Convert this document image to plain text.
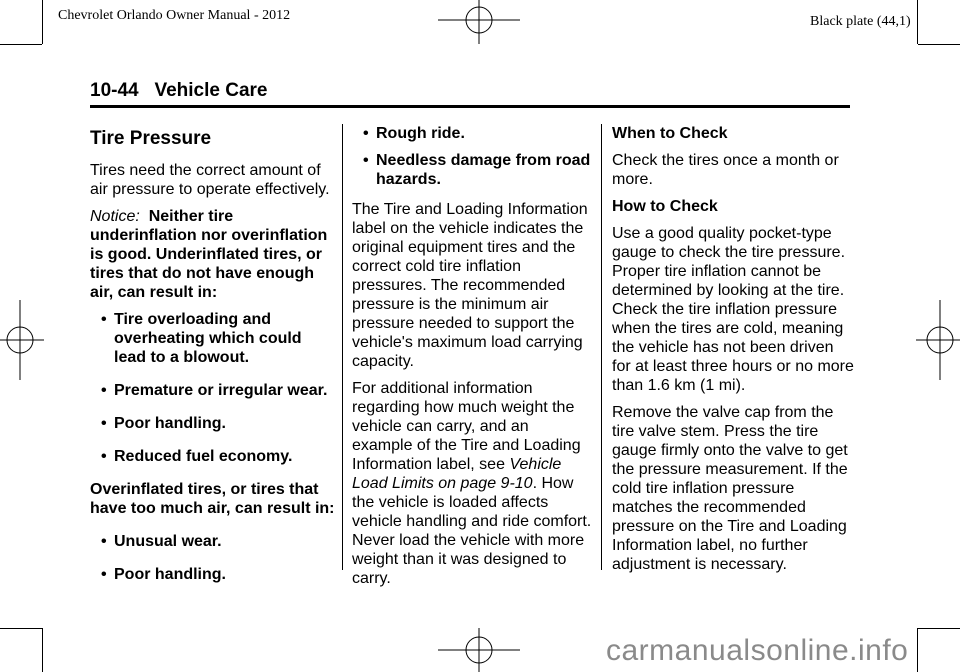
Chevrolet Orlando Owner Manual - 2012	Black plate (44,1)
10-44 Vehicle Care
Tire Pressure

Tires need the correct amount of air pressure to operate effectively.

Notice: Neither tire underinflation nor overinflation is good. Underinflated tires, or tires that do not have enough air, can result in:

• Tire overloading and overheating which could lead to a blowout.
• Premature or irregular wear.
• Poor handling.
• Reduced fuel economy.

Overinflated tires, or tires that have too much air, can result in:

• Unusual wear.
• Poor handling.
• Rough ride.
• Needless damage from road hazards.

The Tire and Loading Information label on the vehicle indicates the original equipment tires and the correct cold tire inflation pressures. The recommended pressure is the minimum air pressure needed to support the vehicle's maximum load carrying capacity.

For additional information regarding how much weight the vehicle can carry, and an example of the Tire and Loading Information label, see Vehicle Load Limits on page 9-10. How the vehicle is loaded affects vehicle handling and ride comfort. Never load the vehicle with more weight than it was designed to carry.

When to Check

Check the tires once a month or more.

How to Check

Use a good quality pocket-type gauge to check the tire pressure. Proper tire inflation cannot be determined by looking at the tire. Check the tire inflation pressure when the tires are cold, meaning the vehicle has not been driven for at least three hours or no more than 1.6 km (1 mi).

Remove the valve cap from the tire valve stem. Press the tire gauge firmly onto the valve to get the pressure measurement. If the cold tire inflation pressure matches the recommended pressure on the Tire and Loading Information label, no further adjustment is necessary.

carmanualsonline.info
